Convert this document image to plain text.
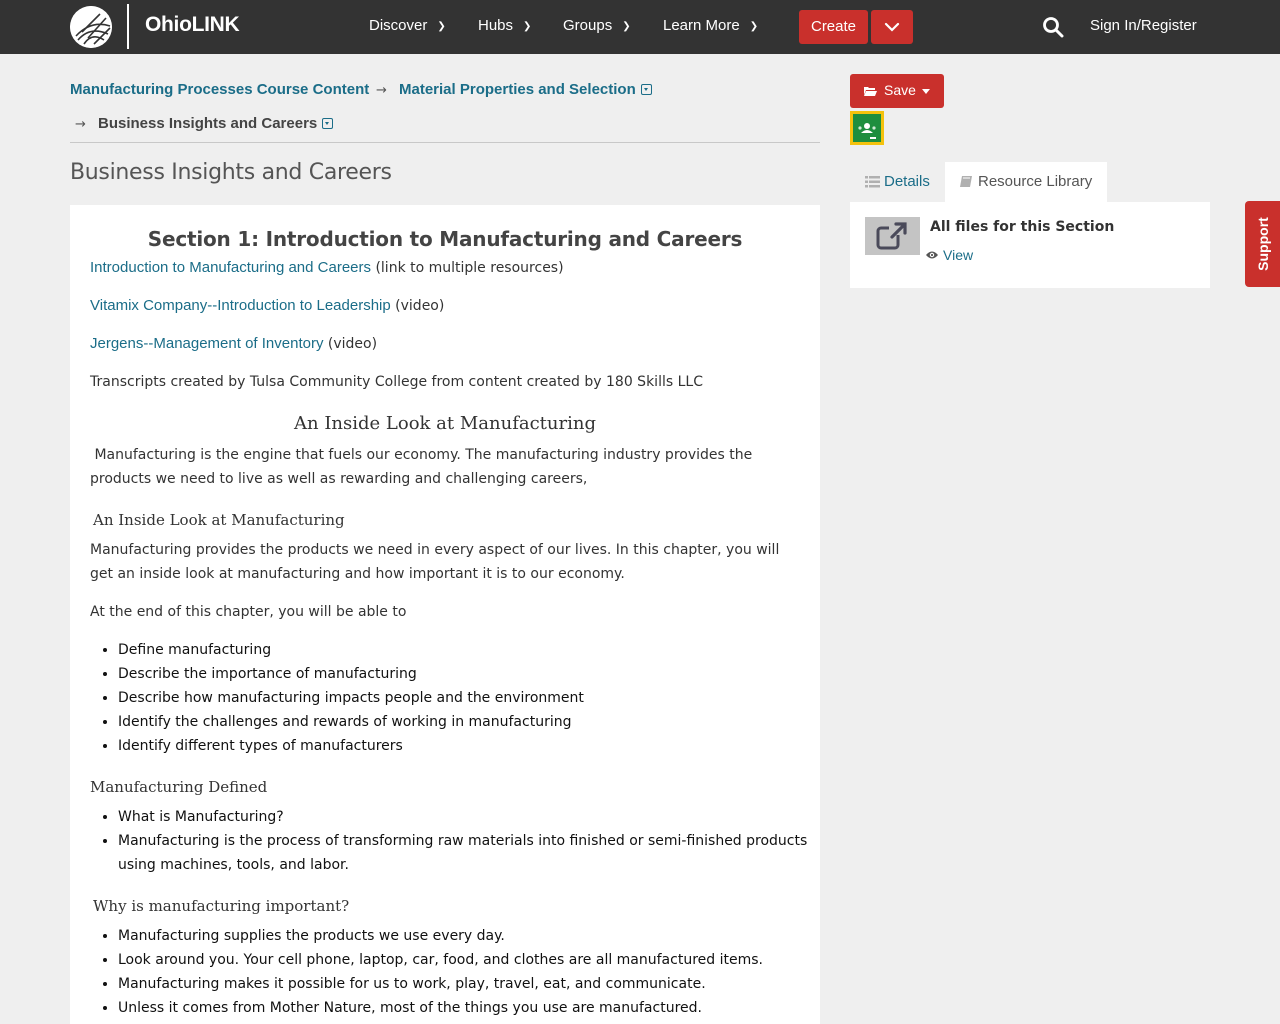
OhioLINK	Discover ❯ Hubs ❯ Groups ❯ Learn More ❯	Create	Sign In/Register
Manufacturing Processes Course Content → Material Properties and Selection
→ Business Insights and Careers
Business Insights and Careers
Section 1: Introduction to Manufacturing and Careers
Introduction to Manufacturing and Careers (link to multiple resources)
Vitamix Company--Introduction to Leadership (video)
Jergens--Management of Inventory (video)

Transcripts created by Tulsa Community College from content created by 180 Skills LLC

An Inside Look at Manufacturing

Manufacturing is the engine that fuels our economy. The manufacturing industry provides the products we need to live as well as rewarding and challenging careers,

An Inside Look at Manufacturing

Manufacturing provides the products we need in every aspect of our lives. In this chapter, you will get an inside look at manufacturing and how important it is to our economy.

At the end of this chapter, you will be able to

• Define manufacturing
• Describe the importance of manufacturing
• Describe how manufacturing impacts people and the environment
• Identify the challenges and rewards of working in manufacturing
• Identify different types of manufacturers
Manufacturing Defined
• What is Manufacturing?
• Manufacturing is the process of transforming raw materials into finished or semi-finished products using machines, tools, and labor.
Why is manufacturing important?
• Manufacturing supplies the products we use every day.
• Look around you. Your cell phone, laptop, car, food, and clothes are all manufactured items.
• Manufacturing makes it possible for us to work, play, travel, eat, and communicate.
• Unless it comes from Mother Nature, most of the things you use are manufactured.
Save
Details	Resource Library
All files for this Section
View	Support
